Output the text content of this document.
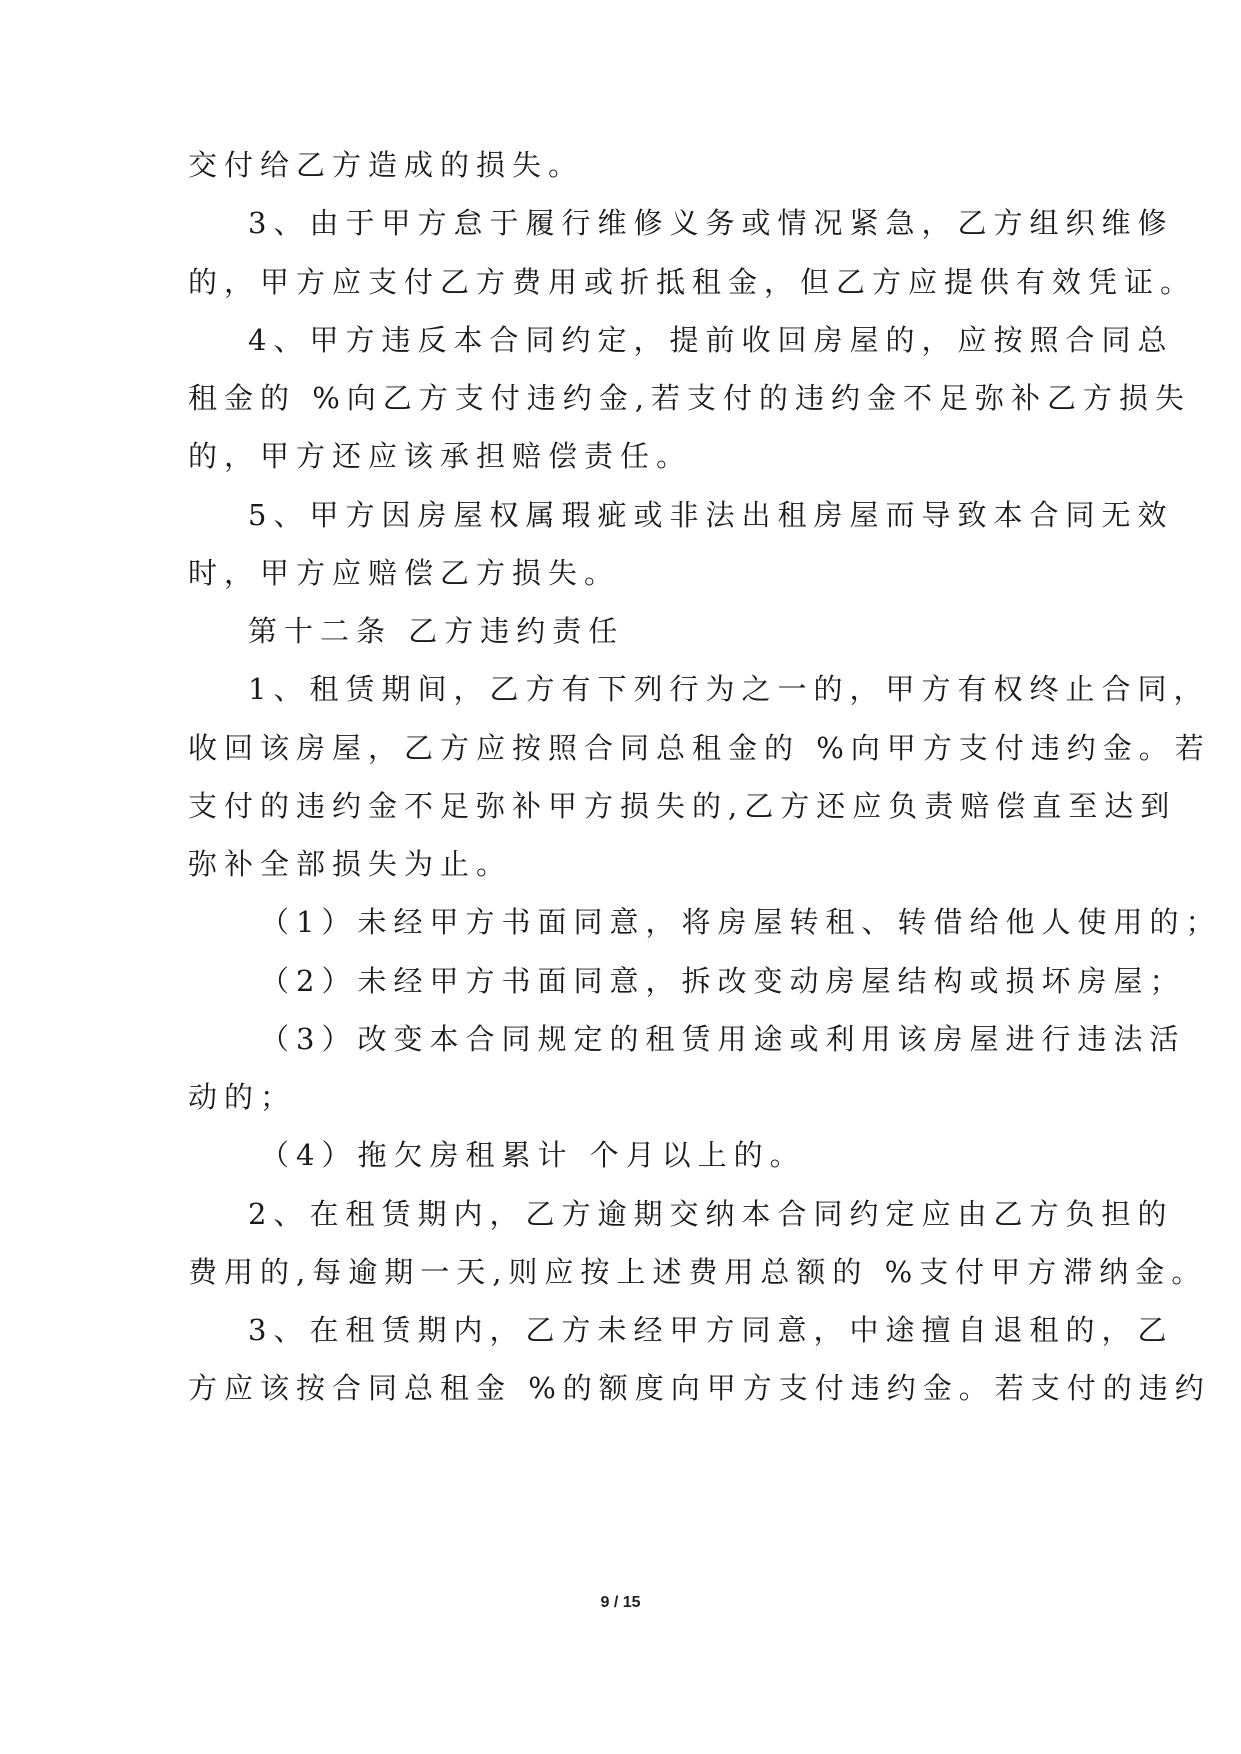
交付给乙方造成的损失。
3、由于甲方怠于履行维修义务或情况紧急，乙方组织维修
的，甲方应支付乙方费用或折抵租金，但乙方应提供有效凭证。
4、甲方违反本合同约定，提前收回房屋的，应按照合同总
租金的 %向乙方支付违约金,若支付的违约金不足弥补乙方损失
的，甲方还应该承担赔偿责任。
5、甲方因房屋权属瑕疵或非法出租房屋而导致本合同无效
时，甲方应赔偿乙方损失。
第十二条 乙方违约责任
1、租赁期间，乙方有下列行为之一的，甲方有权终止合同，
收回该房屋，乙方应按照合同总租金的 %向甲方支付违约金。若
支付的违约金不足弥补甲方损失的,乙方还应负责赔偿直至达到
弥补全部损失为止。
（1）未经甲方书面同意，将房屋转租、转借给他人使用的；
（2）未经甲方书面同意，拆改变动房屋结构或损坏房屋；
（3）改变本合同规定的租赁用途或利用该房屋进行违法活
动的；
（4）拖欠房租累计 个月以上的。
2、在租赁期内，乙方逾期交纳本合同约定应由乙方负担的
费用的,每逾期一天,则应按上述费用总额的 %支付甲方滞纳金。
3、在租赁期内，乙方未经甲方同意，中途擅自退租的，乙
方应该按合同总租金 %的额度向甲方支付违约金。若支付的违约
9 / 15
